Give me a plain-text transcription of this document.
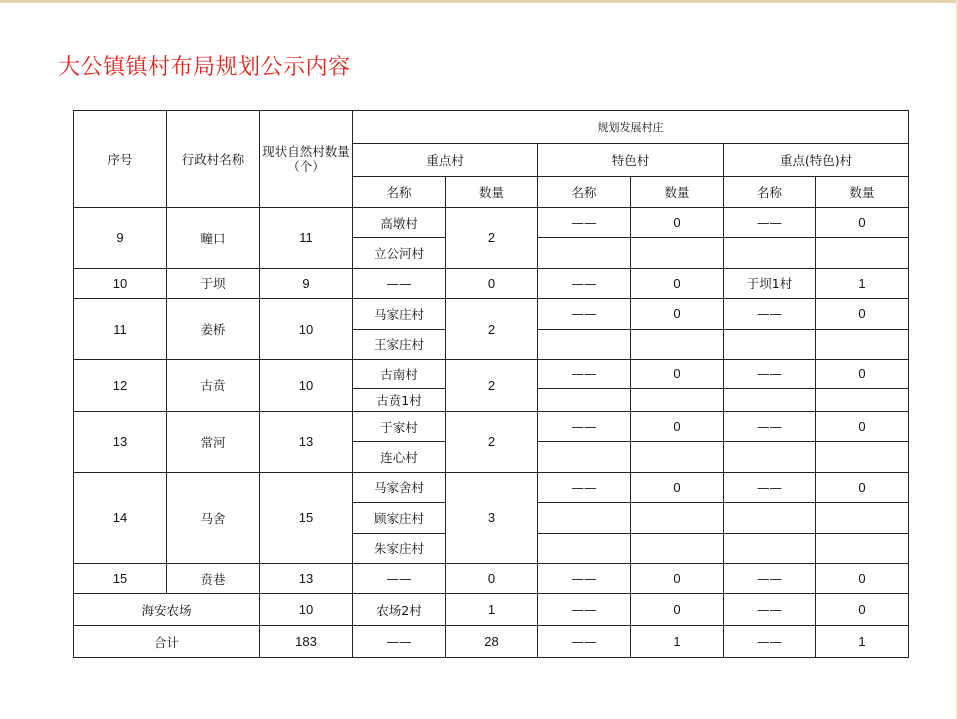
大公镇镇村布局规划公示内容
序号	行政村名称	现状自然村数量（个）	规划发展村庄					
			重点村		特色村		重点(特色)村	
			名称	数量	名称	数量	名称	数量
9	疃口	11	高墩村	2	——	0	——	0
			立公河村					
10	于坝	9	——	0	——	0	于坝1村	1
11	姜桥	10	马家庄村	2	——	0	——	0
			王家庄村					
12	古贲	10	古南村	2	——	0	——	0
			古贲1村					
13	常河	13	于家村	2	——	0	——	0
			连心村					
14	马舍	15	马家舍村	3	——	0	——	0
			顾家庄村					
			朱家庄村					
15	贲巷	13	——	0	——	0	——	0
海安农场		10	农场2村	1	——	0	——	0
合计		183	——	28	——	1	——	1
